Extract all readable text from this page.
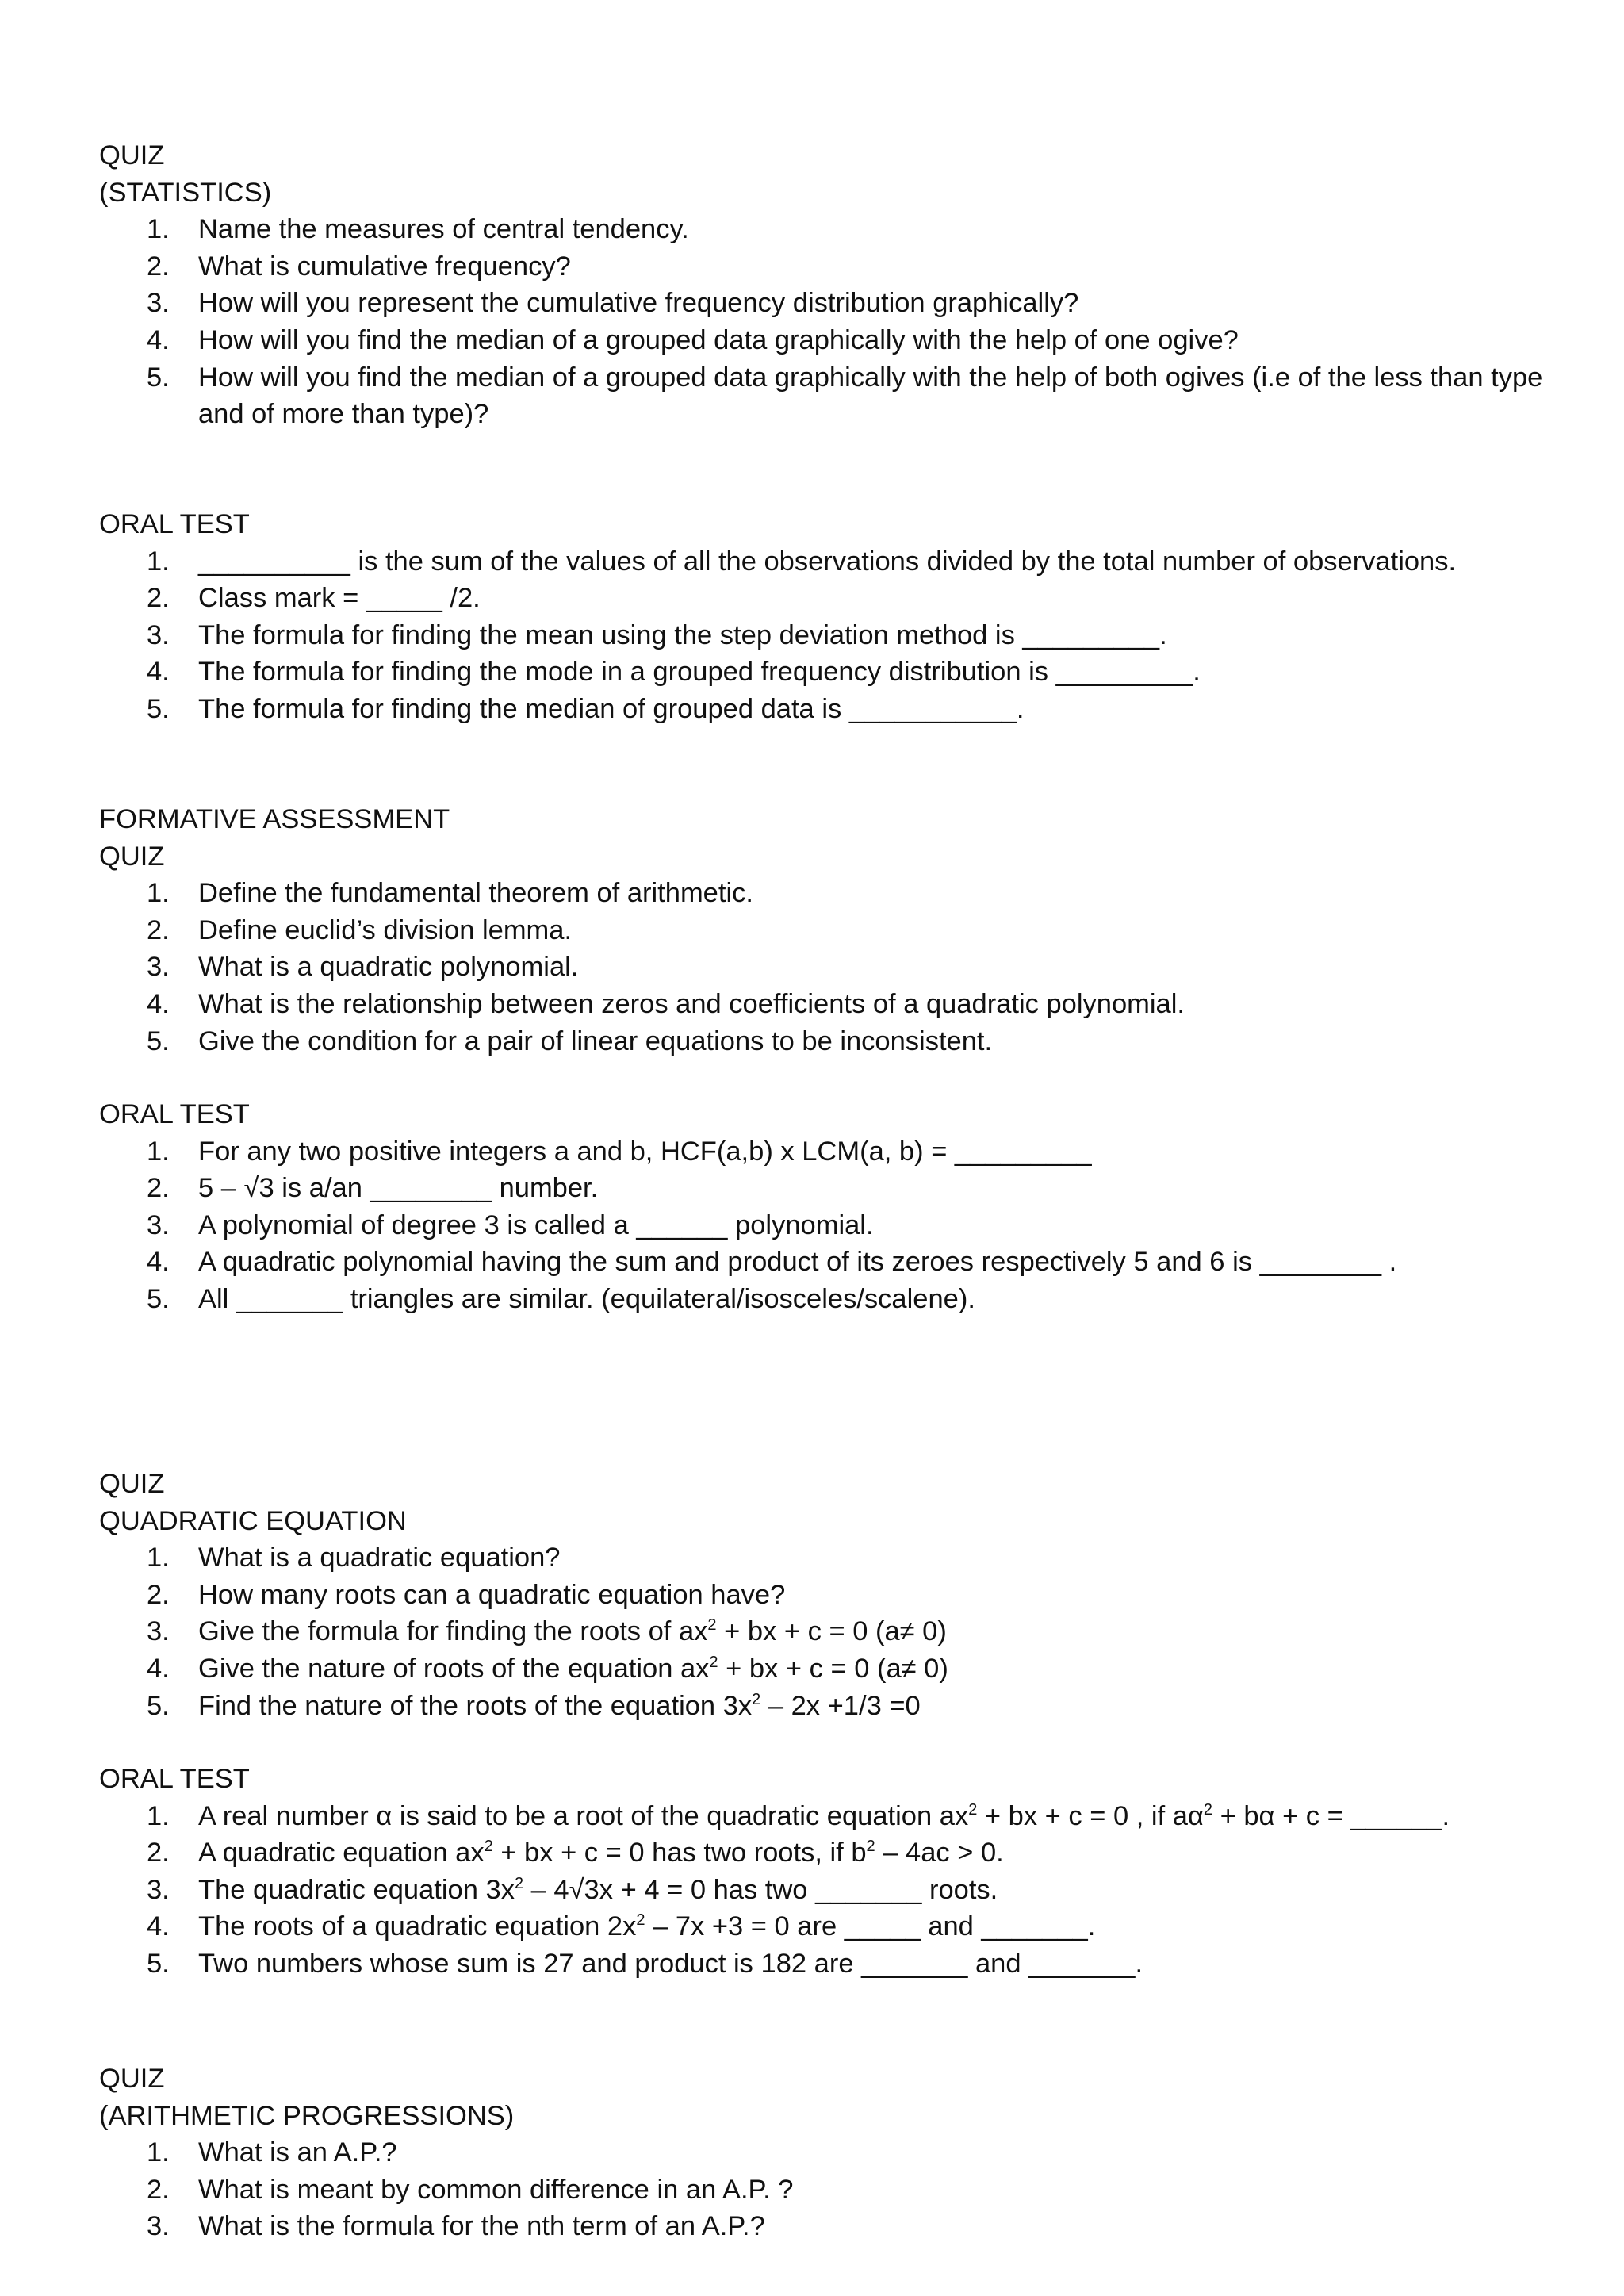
QUIZ
(STATISTICS)
1.	Name the measures of central tendency.
2.	What is cumulative frequency?
3.	How will you represent the cumulative frequency distribution graphically?
4.	How will you find the median of a grouped data graphically with the help of one ogive?
5.	How will you find the median of a grouped data graphically with the help of both ogives (i.e of the less than type and of more than type)?
ORAL TEST
1.	__________ is the sum of the values of all the observations divided by the total number of observations.
2.	Class mark = _____ /2.
3.	The formula for finding the mean using the step deviation method is _________.
4.	The formula for finding the mode in a grouped frequency distribution is _________.
5.	The formula for finding the median of grouped data is ___________.
FORMATIVE ASSESSMENT
QUIZ
1.	Define the fundamental theorem of arithmetic.
2.	Define euclid’s division lemma.
3.	What is a quadratic polynomial.
4.	What is the relationship between zeros and coefficients of a quadratic polynomial.
5.	Give the condition for a pair of linear equations to be inconsistent.
ORAL TEST
1.	For any two positive integers a and b, HCF(a,b) x LCM(a, b) = _________
2.	5 – √3 is a/an ________ number.
3.	A polynomial of degree 3 is called a ______ polynomial.
4.	A quadratic polynomial having the sum and product of its zeroes respectively 5 and 6 is ________ .
5.	All _______ triangles are similar. (equilateral/isosceles/scalene).
QUIZ
QUADRATIC EQUATION
1.	What is a quadratic equation?
2.	How many roots can a quadratic equation have?
3.	Give the formula for finding the roots of $ax^2$ + bx + c = 0 (a≠ 0)
4.	Give the nature of roots of the equation $ax^2$ + bx + c = 0 (a≠ 0)
5.	Find the nature of the roots of the equation $3x^2 - 2x +1/3 =0$
ORAL TEST
1.	A real number α is said to be a root of the quadratic equation $ax^2$ + bx + c = 0 , if $a\alpha^2 + b\alpha + c$ = ______.
2.	A quadratic equation $ax^2$ + bx + c = 0 has two roots, if $b^2 - 4ac > 0$.
3.	The quadratic equation $3x^2 - 4√3x + 4 = 0$ has two _______ roots.
4.	The roots of a quadratic equation $2x^2 - 7x +3 = 0$ are _____ and _______.
5.	Two numbers whose sum is 27 and product is 182 are _______ and _______.
QUIZ
(ARITHMETIC PROGRESSIONS)
1.	What is an A.P.?
2.	What is meant by common difference in an A.P. ?
3.	What is the formula for the nth term of an A.P.?
